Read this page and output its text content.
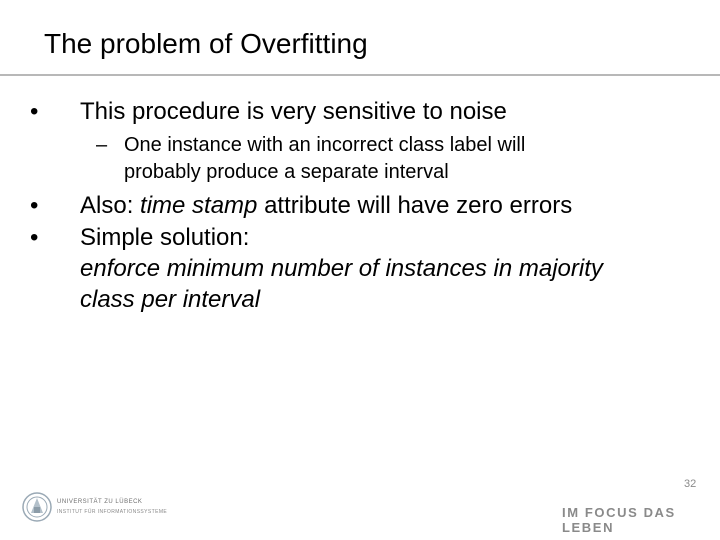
The problem of Overfitting
•	This procedure is very sensitive to noise
– One instance with an incorrect class label will
probably produce a separate interval
•	Also: time stamp attribute will have zero errors
•	Simple solution:
enforce minimum number of instances in majority
class per interval
UNIVERSITÄT ZU LÜBECK
INSTITUT FÜR INFORMATIONSSYSTEME	IM FOCUS DAS LEBEN
32
